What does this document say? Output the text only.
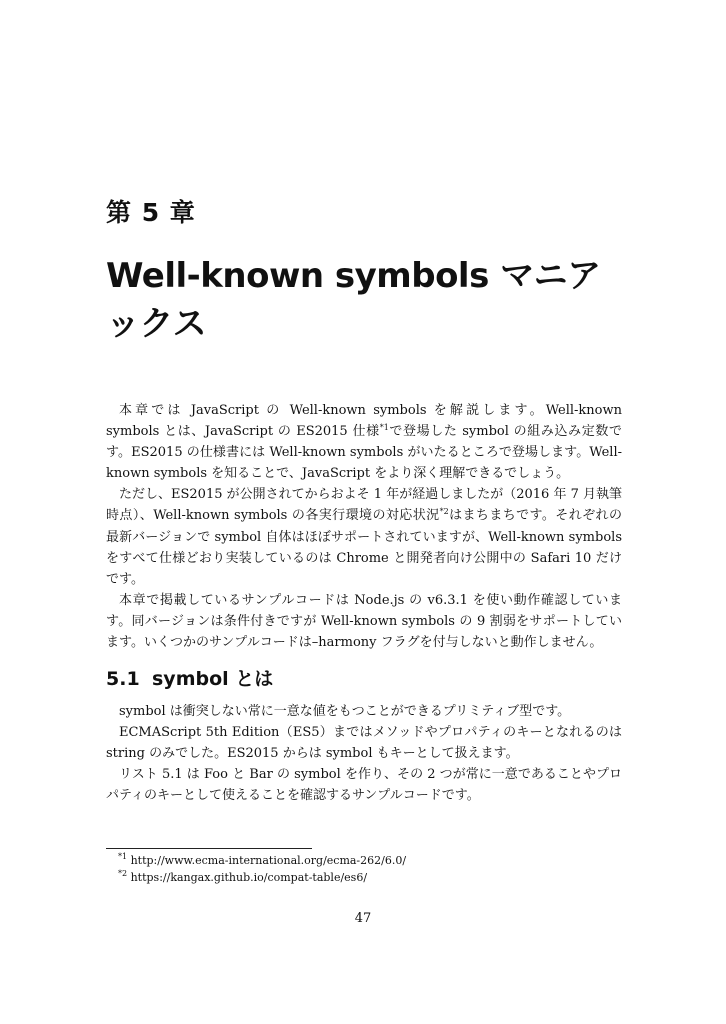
第 5 章
Well-known symbols マニアックス

本章では JavaScript の Well-known symbols を解説します。Well-known symbols とは、JavaScript の ES2015 仕様$^{*1}$で登場した symbol の組み込み定数です。ES2015 の仕様書には Well-known symbols がいたるところで登場します。Well-known symbols を知ることで、JavaScript をより深く理解できるでしょう。

ただし、ES2015 が公開されてからおよそ 1 年が経過しましたが（2016 年 7 月執筆時点）、Well-known symbols の各実行環境の対応状況$^{*2}$はまちまちです。それぞれの最新バージョンで symbol 自体はほぼサポートされていますが、Well-known symbols をすべて仕様どおり実装しているのは Chrome と開発者向け公開中の Safari 10 だけです。

本章で掲載しているサンプルコードは Node.js の v6.3.1 を使い動作確認しています。同バージョンは条件付きですが Well-known symbols の 9 割弱をサポートしています。いくつかのサンプルコードは–harmony フラグを付与しないと動作しません。

5.1 symbol とは

symbol は衝突しない常に一意な値をもつことができるプリミティブ型です。

ECMAScript 5th Edition（ES5）まではメソッドやプロパティのキーとなれるのは string のみでした。ES2015 からは symbol もキーとして扱えます。

リスト 5.1 は Foo と Bar の symbol を作り、その 2 つが常に一意であることやプロパティのキーとして使えることを確認するサンプルコードです。

$^{*1}$ http://www.ecma-international.org/ecma-262/6.0/
$^{*2}$ https://kangax.github.io/compat-table/es6/
47
